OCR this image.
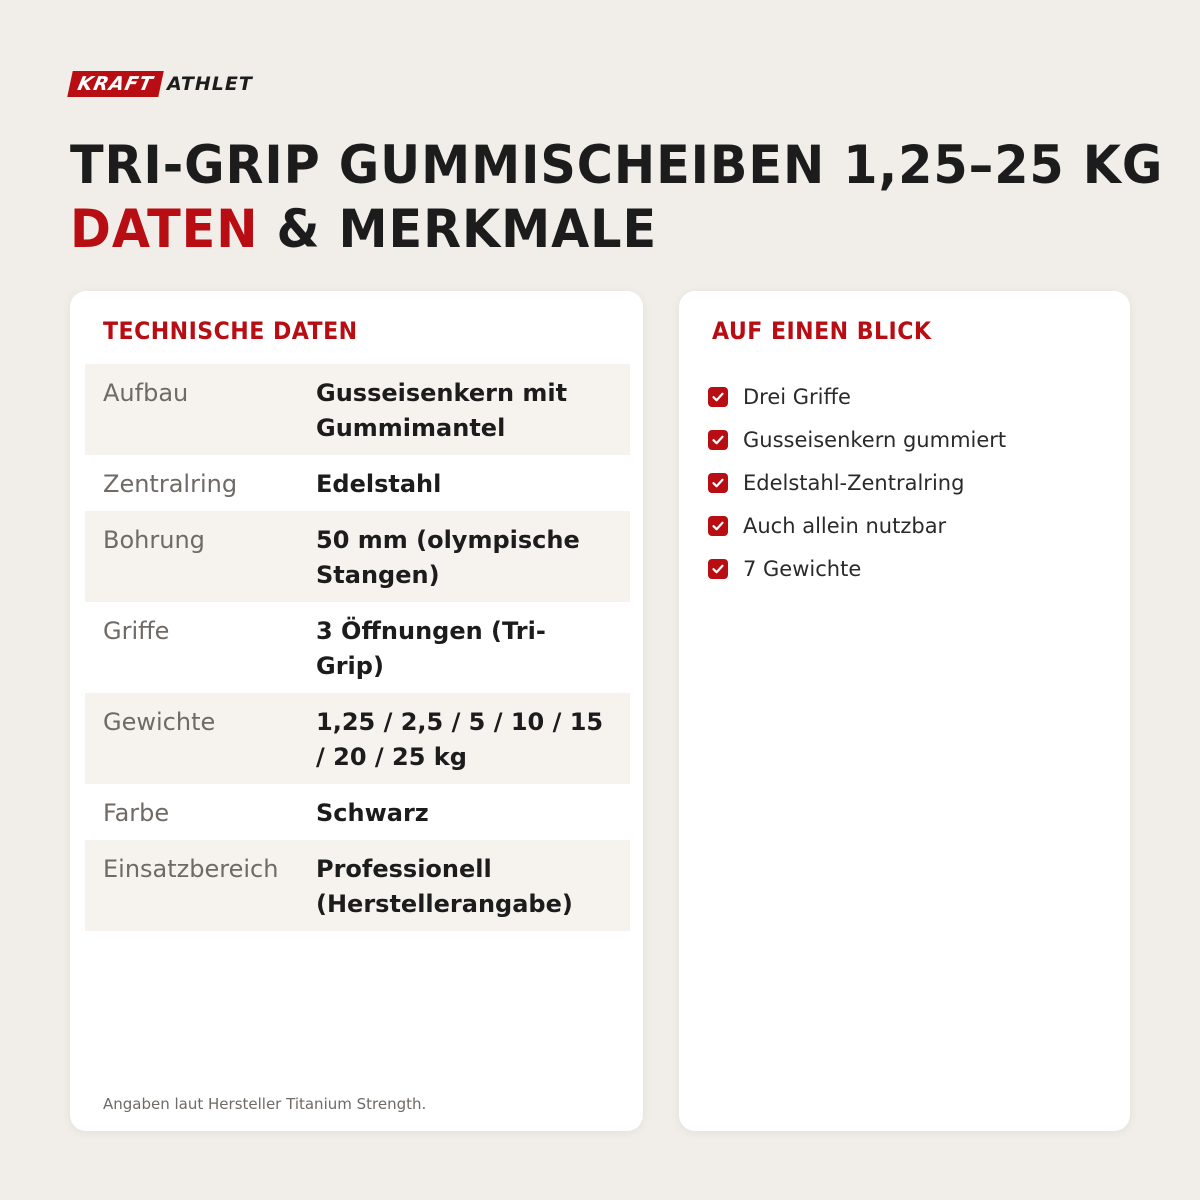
KRAFT ATHLET
TRI-GRIP GUMMISCHEIBEN 1,25–25 KG
DATEN & MERKMALE
TECHNISCHE DATEN
Aufbau	Gusseisenkern mit Gummimantel
Zentralring	Edelstahl
Bohrung	50 mm (olympische Stangen)
Griffe	3 Öffnungen (Tri-Grip)
Gewichte	1,25 / 2,5 / 5 / 10 / 15 / 20 / 25 kg
Farbe	Schwarz
Einsatzbereich	Professionell (Herstellerangabe)

Angaben laut Hersteller Titanium Strength.

AUF EINEN BLICK
Drei Griffe
Gusseisenkern gummiert
Edelstahl-Zentralring
Auch allein nutzbar
7 Gewichte
